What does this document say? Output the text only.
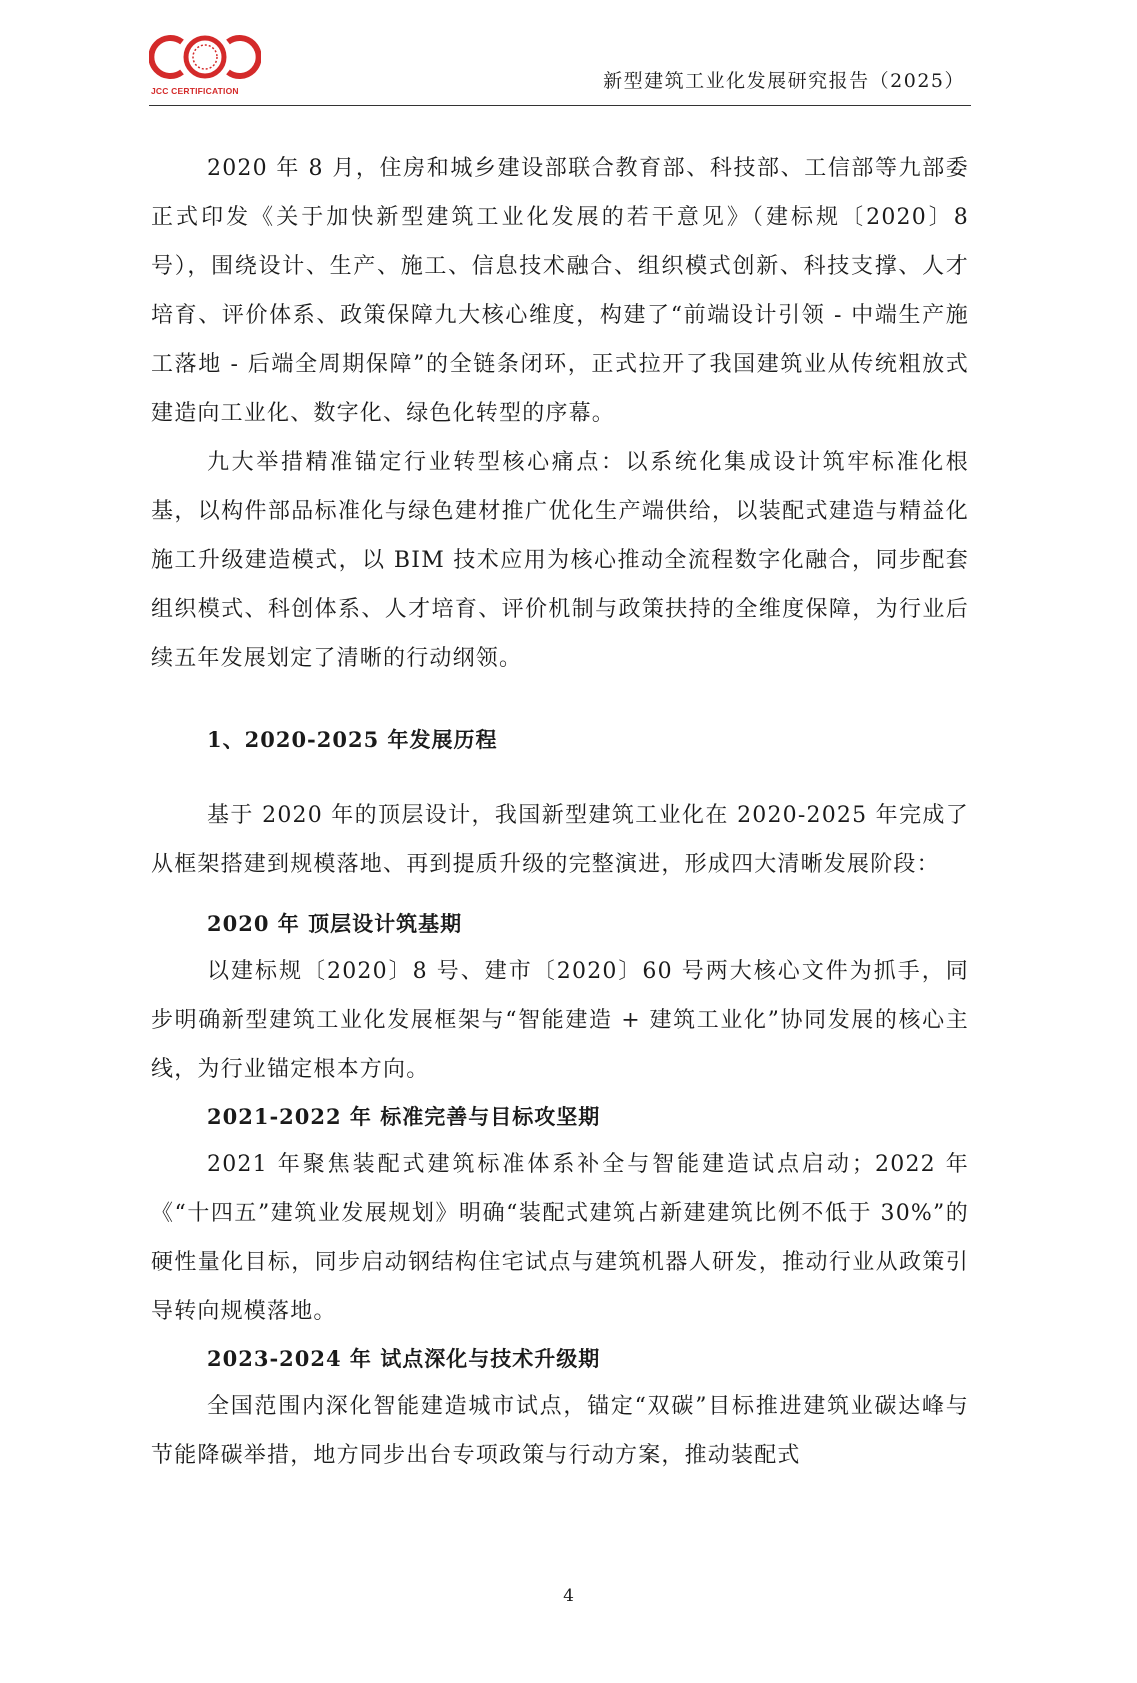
JCC CERTIFICATION	新型建筑工业化发展研究报告（2025）

2020 年 8 月，住房和城乡建设部联合教育部、科技部、工信部等九部委正式印发《关于加快新型建筑工业化发展的若干意见》（建标规〔2020〕8 号），围绕设计、生产、施工、信息技术融合、组织模式创新、科技支撑、人才培育、评价体系、政策保障九大核心维度，构建了“前端设计引领 - 中端生产施工落地 - 后端全周期保障”的全链条闭环，正式拉开了我国建筑业从传统粗放式建造向工业化、数字化、绿色化转型的序幕。

九大举措精准锚定行业转型核心痛点：以系统化集成设计筑牢标准化根基，以构件部品标准化与绿色建材推广优化生产端供给，以装配式建造与精益化施工升级建造模式，以 BIM 技术应用为核心推动全流程数字化融合，同步配套组织模式、科创体系、人才培育、评价机制与政策扶持的全维度保障，为行业后续五年发展划定了清晰的行动纲领。

1、2020-2025 年发展历程

基于 2020 年的顶层设计，我国新型建筑工业化在 2020-2025 年完成了从框架搭建到规模落地、再到提质升级的完整演进，形成四大清晰发展阶段：

2020 年 顶层设计筑基期

以建标规〔2020〕8 号、建市〔2020〕60 号两大核心文件为抓手，同步明确新型建筑工业化发展框架与“智能建造 + 建筑工业化”协同发展的核心主线，为行业锚定根本方向。

2021-2022 年 标准完善与目标攻坚期

2021 年聚焦装配式建筑标准体系补全与智能建造试点启动；2022 年《“十四五”建筑业发展规划》明确“装配式建筑占新建建筑比例不低于 30%”的硬性量化目标，同步启动钢结构住宅试点与建筑机器人研发，推动行业从政策引导转向规模落地。

2023-2024 年 试点深化与技术升级期

全国范围内深化智能建造城市试点，锚定“双碳”目标推进建筑业碳达峰与节能降碳举措，地方同步出台专项政策与行动方案，推动装配式

4
